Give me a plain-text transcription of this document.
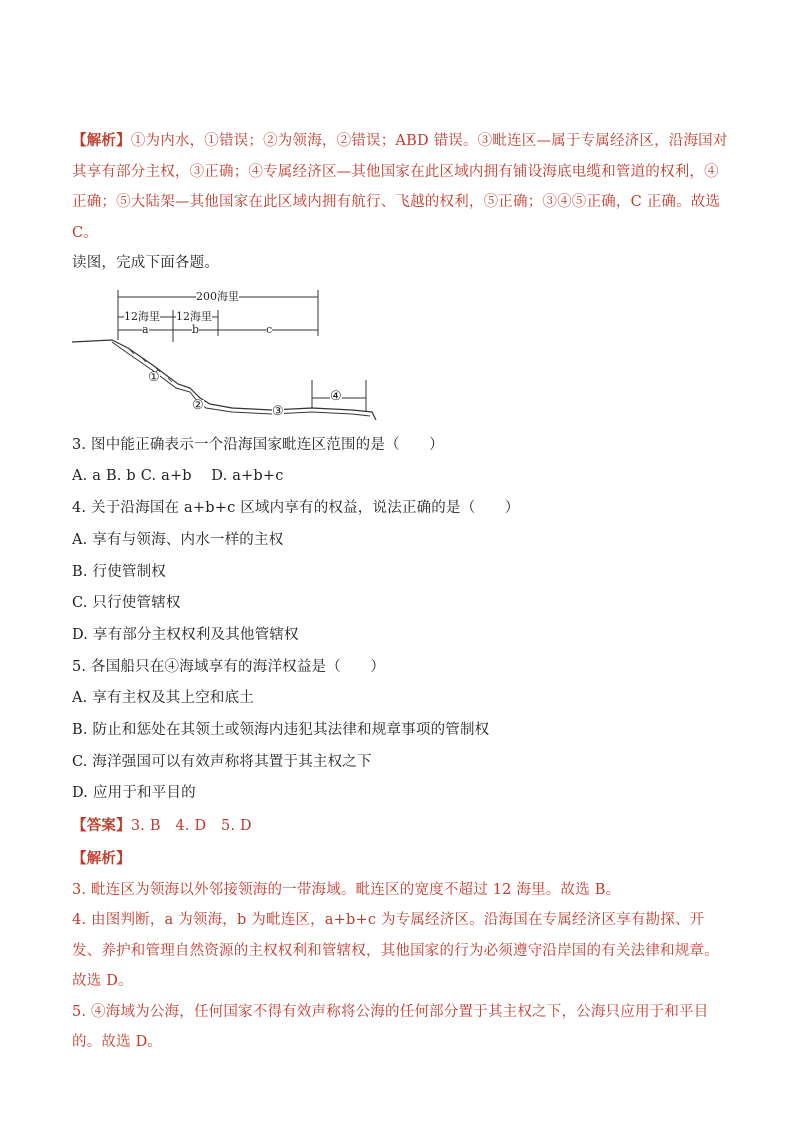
【解析】①为内水，①错误；②为领海，②错误；ABD 错误。③毗连区—属于专属经济区，沿海国对其享有部分主权，③正确；④专属经济区—其他国家在此区域内拥有铺设海底电缆和管道的权利，④正确；⑤大陆架—其他国家在此区域内拥有航行、飞越的权利，⑤正确；③④⑤正确，C 正确。故选 C。

读图，完成下面各题。

200海里
12海里 12海里
a	b	c
①
②	③
④

3. 图中能正确表示一个沿海国家毗连区范围的是（　　）

A. a B. b C. a+b　 D. a+b+c

4. 关于沿海国在 a+b+c 区域内享有的权益，说法正确的是（　　）

A. 享有与领海、内水一样的主权

B. 行使管制权

C. 只行使管辖权

D. 享有部分主权权利及其他管辖权

5. 各国船只在④海域享有的海洋权益是（　　）

A. 享有主权及其上空和底土

B. 防止和惩处在其领土或领海内违犯其法律和规章事项的管制权

C. 海洋强国可以有效声称将其置于其主权之下

D. 应用于和平目的

【答案】3. B　4. D　5. D

【解析】

3. 毗连区为领海以外邻接领海的一带海域。毗连区的宽度不超过 12 海里。故选 B。

4. 由图判断，a 为领海，b 为毗连区，a+b+c 为专属经济区。沿海国在专属经济区享有勘探、开发、养护和管理自然资源的主权权利和管辖权，其他国家的行为必须遵守沿岸国的有关法律和规章。故选 D。

5. ④海域为公海，任何国家不得有效声称将公海的任何部分置于其主权之下，公海只应用于和平目的。故选 D。
